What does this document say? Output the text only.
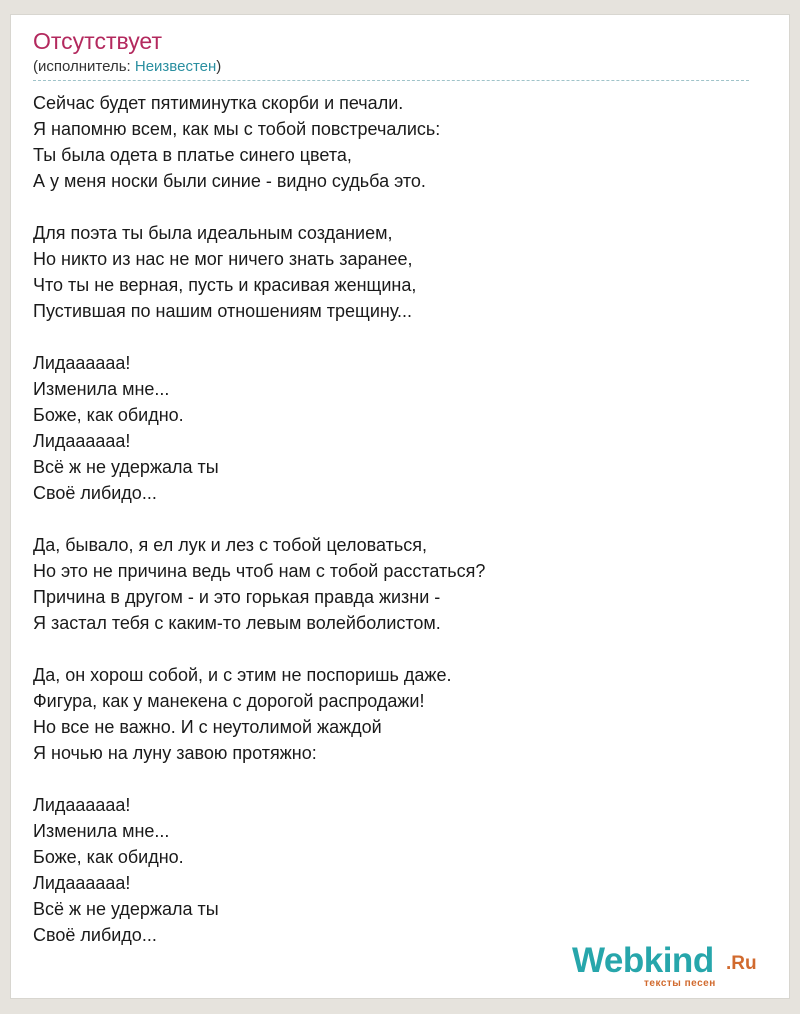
Отсутствует
(исполнитель: Неизвестен)
Сейчас будет пятиминутка скорби и печали.
Я напомню всем, как мы с тобой повстречались:
Ты была одета в платье синего цвета,
А у меня носки были синие - видно судьба это.
Для поэта ты была идеальным созданием,
Но никто из нас не мог ничего знать заранее,
Что ты не верная, пусть и красивая женщина,
Пустившая по нашим отношениям трещину...
Лидаааааа!
Изменила мне...
Боже, как обидно.
Лидаааааа!
Всё ж не удержала ты
Своё либидо...
Да, бывало, я ел лук и лез с тобой целоваться,
Но это не причина ведь чтоб нам с тобой расстаться?
Причина в другом - и это горькая правда жизни -
Я застал тебя с каким-то левым волейболистом.
Да, он хорош собой, и с этим не поспоришь даже.
Фигура, как у манекена с дорогой распродажи!
Но все не важно. И с неутолимой жаждой
Я ночью на луну завою протяжно:
Лидаааааа!
Изменила мне...
Боже, как обидно.
Лидаааааа!
Всё ж не удержала ты
Своё либидо...
Webkind .Ru
тексты песен
